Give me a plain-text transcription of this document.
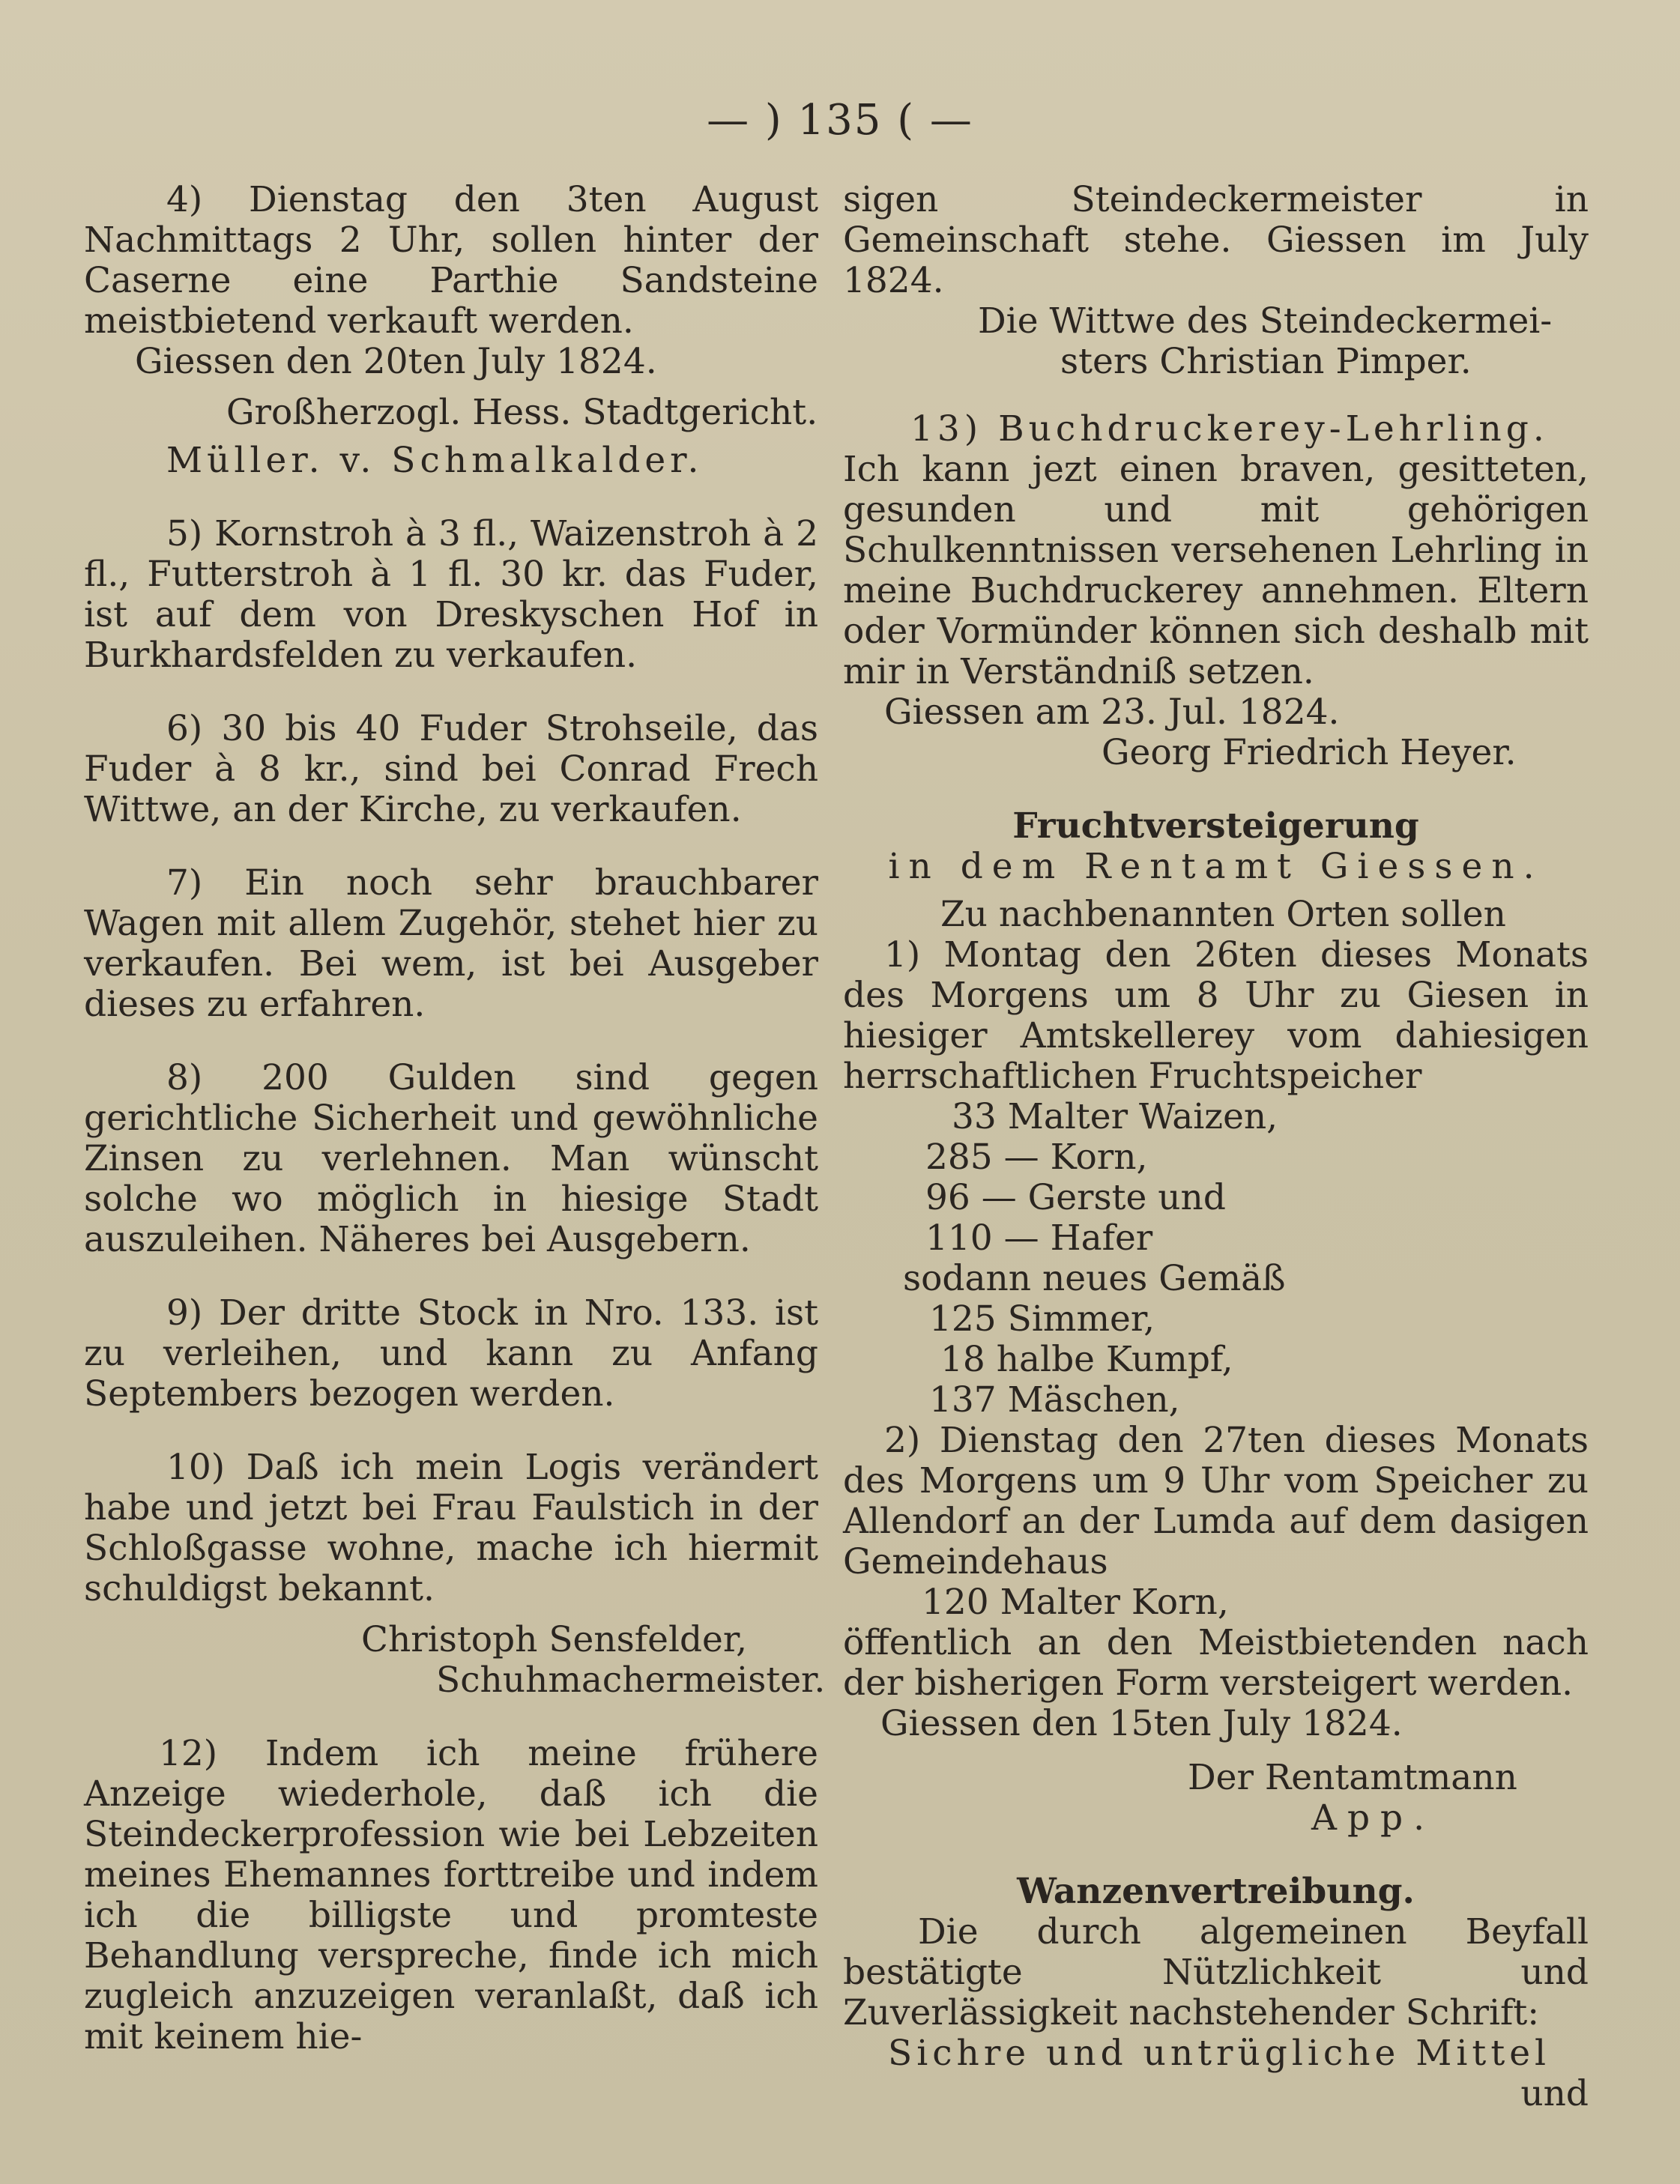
— ) 135 ( —

4) Dienstag den 3ten August Nachmittags 2 Uhr, sollen hinter der Caserne eine Parthie Sandsteine meistbietend verkauft werden.

Giessen den 20ten July 1824.

Großherzogl. Hess. Stadtgericht.

Müller. v. Schmalkalder.

5) Kornstroh à 3 fl., Waizenstroh à 2 fl., Futterstroh à 1 fl. 30 kr. das Fuder, ist auf dem von Dreskyschen Hof in Burkhardsfelden zu verkaufen.

6) 30 bis 40 Fuder Strohseile, das Fuder à 8 kr., sind bei Conrad Frech Wittwe, an der Kirche, zu verkaufen.

7) Ein noch sehr brauchbarer Wagen mit allem Zugehör, stehet hier zu verkaufen. Bei wem, ist bei Ausgeber dieses zu erfahren.

8) 200 Gulden sind gegen gerichtliche Sicherheit und gewöhnliche Zinsen zu verlehnen. Man wünscht solche wo möglich in hiesige Stadt auszuleihen. Näheres bei Ausgebern.

9) Der dritte Stock in Nro. 133. ist zu verleihen, und kann zu Anfang Septembers bezogen werden.

10) Daß ich mein Logis verändert habe und jetzt bei Frau Faulstich in der Schloßgasse wohne, mache ich hiermit schuldigst bekannt.

Christoph Sensfelder,

Schuhmachermeister.

12) Indem ich meine frühere Anzeige wiederhole, daß ich die Steindeckerprofession wie bei Lebzeiten meines Ehemannes forttreibe und indem ich die billigste und promteste Behandlung verspreche, finde ich mich zugleich anzuzeigen veranlaßt, daß ich mit keinem hie-

sigen Steindeckermeister in Gemeinschaft stehe. Giessen im July 1824.

Die Wittwe des Steindeckermei-

sters Christian Pimper.

13) Buchdruckerey-Lehrling.

Ich kann jezt einen braven, gesitteten, gesunden und mit gehörigen Schulkenntnissen versehenen Lehrling in meine Buchdruckerey annehmen. Eltern oder Vormünder können sich deshalb mit mir in Verständniß setzen.

Giessen am 23. Jul. 1824.

Georg Friedrich Heyer.

Fruchtversteigerung

in dem Rentamt Giessen.

Zu nachbenannten Orten sollen

1) Montag den 26ten dieses Monats des Morgens um 8 Uhr zu Giesen in hiesiger Amtskellerey vom dahiesigen herrschaftlichen Fruchtspeicher

33 Malter Waizen,

285 — Korn,

96 — Gerste und

110 — Hafer

sodann neues Gemäß

125 Simmer,

18 halbe Kumpf,

137 Mäschen,

2) Dienstag den 27ten dieses Monats des Morgens um 9 Uhr vom Speicher zu Allendorf an der Lumda auf dem dasigen Gemeindehaus

120 Malter Korn,

öffentlich an den Meistbietenden nach der bisherigen Form versteigert werden.

Giessen den 15ten July 1824.

Der Rentamtmann

App.

Wanzenvertreibung.

Die durch algemeinen Beyfall bestätigte Nützlichkeit und Zuverlässigkeit nachstehender Schrift:

Sichre und untrügliche Mittel

und
